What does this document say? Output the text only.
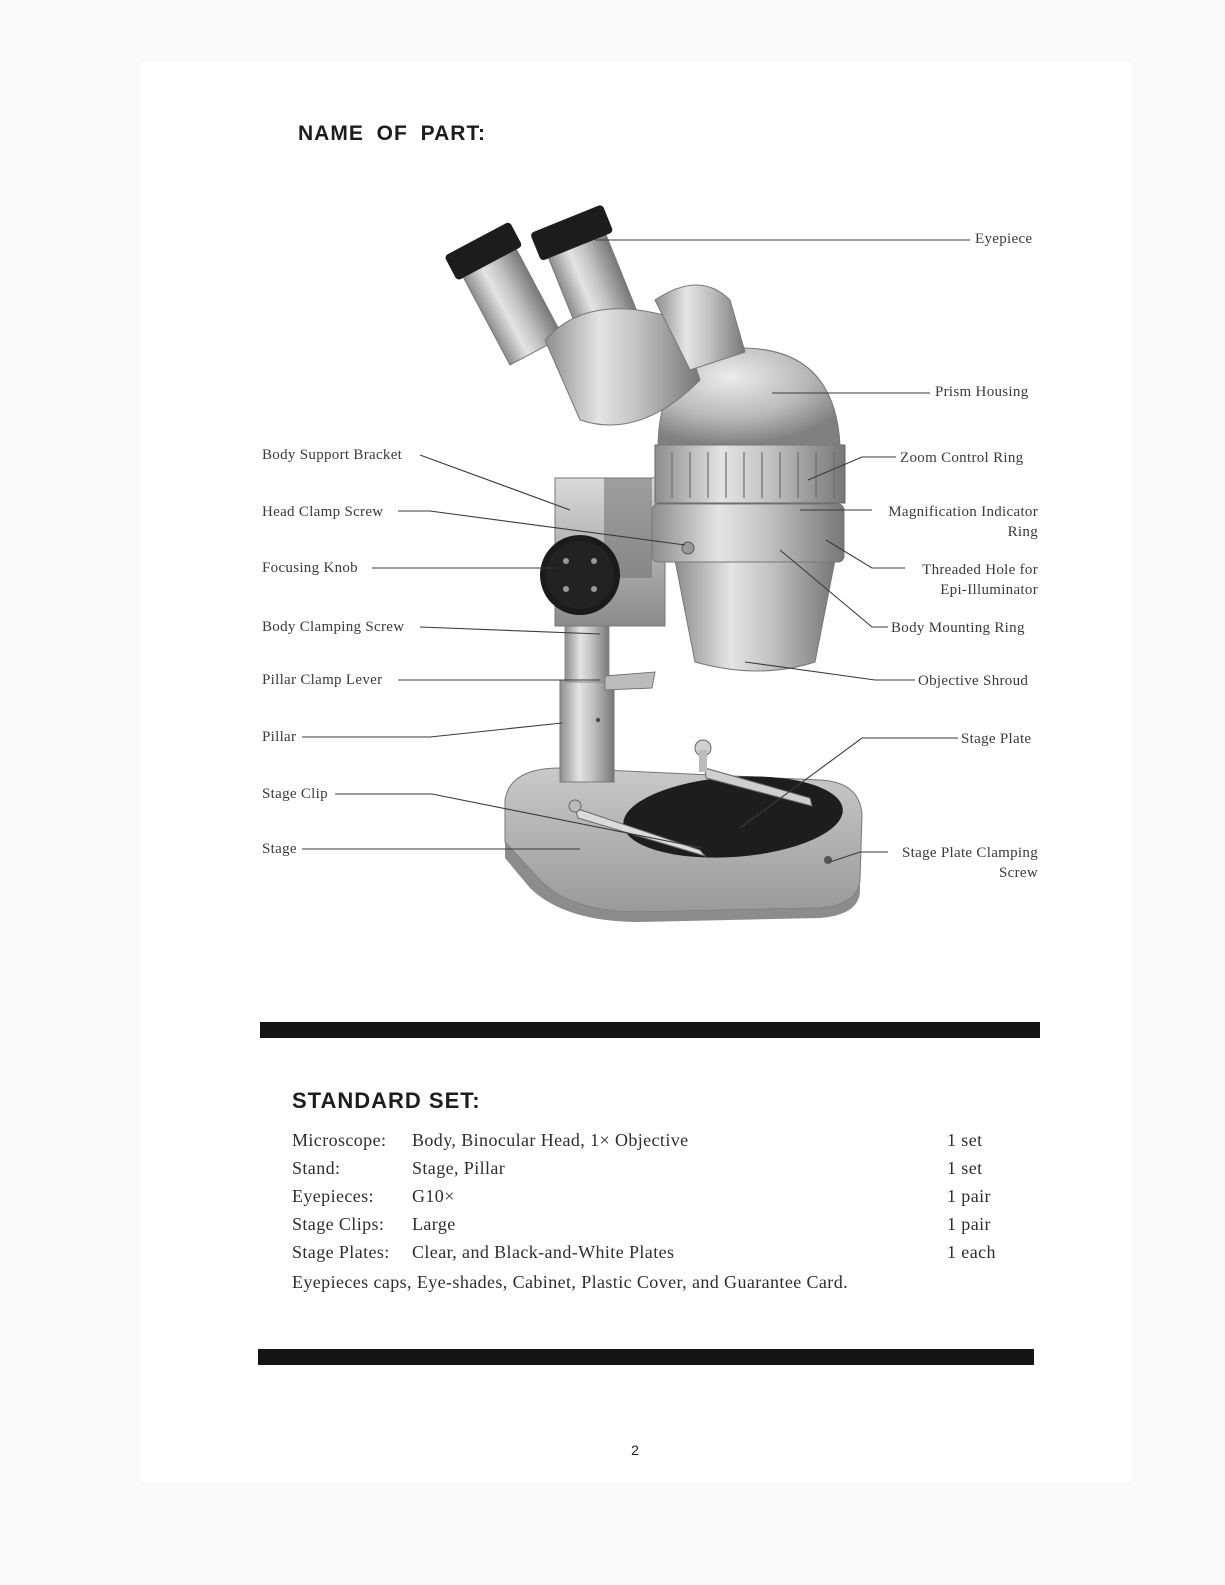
NAME OF PART:
Eyepiece
Prism Housing
Zoom Control Ring
Magnification Indicator
Ring
Threaded Hole for
Epi-Illuminator
Body Mounting Ring
Objective Shroud
Stage Plate
Stage Plate Clamping
Screw
Body Support Bracket
Head Clamp Screw
Focusing Knob
Body Clamping Screw
Pillar Clamp Lever
Pillar
Stage Clip
Stage
STANDARD SET:
Microscope: Body, Binocular Head, 1× Objective	1 set
Stand:	Stage, Pillar	1 set
Eyepieces: G10×	1 pair
Stage Clips: Large	1 pair
Stage Plates: Clear, and Black-and-White Plates	1 each
Eyepieces caps, Eye-shades, Cabinet, Plastic Cover, and Guarantee Card.
2
